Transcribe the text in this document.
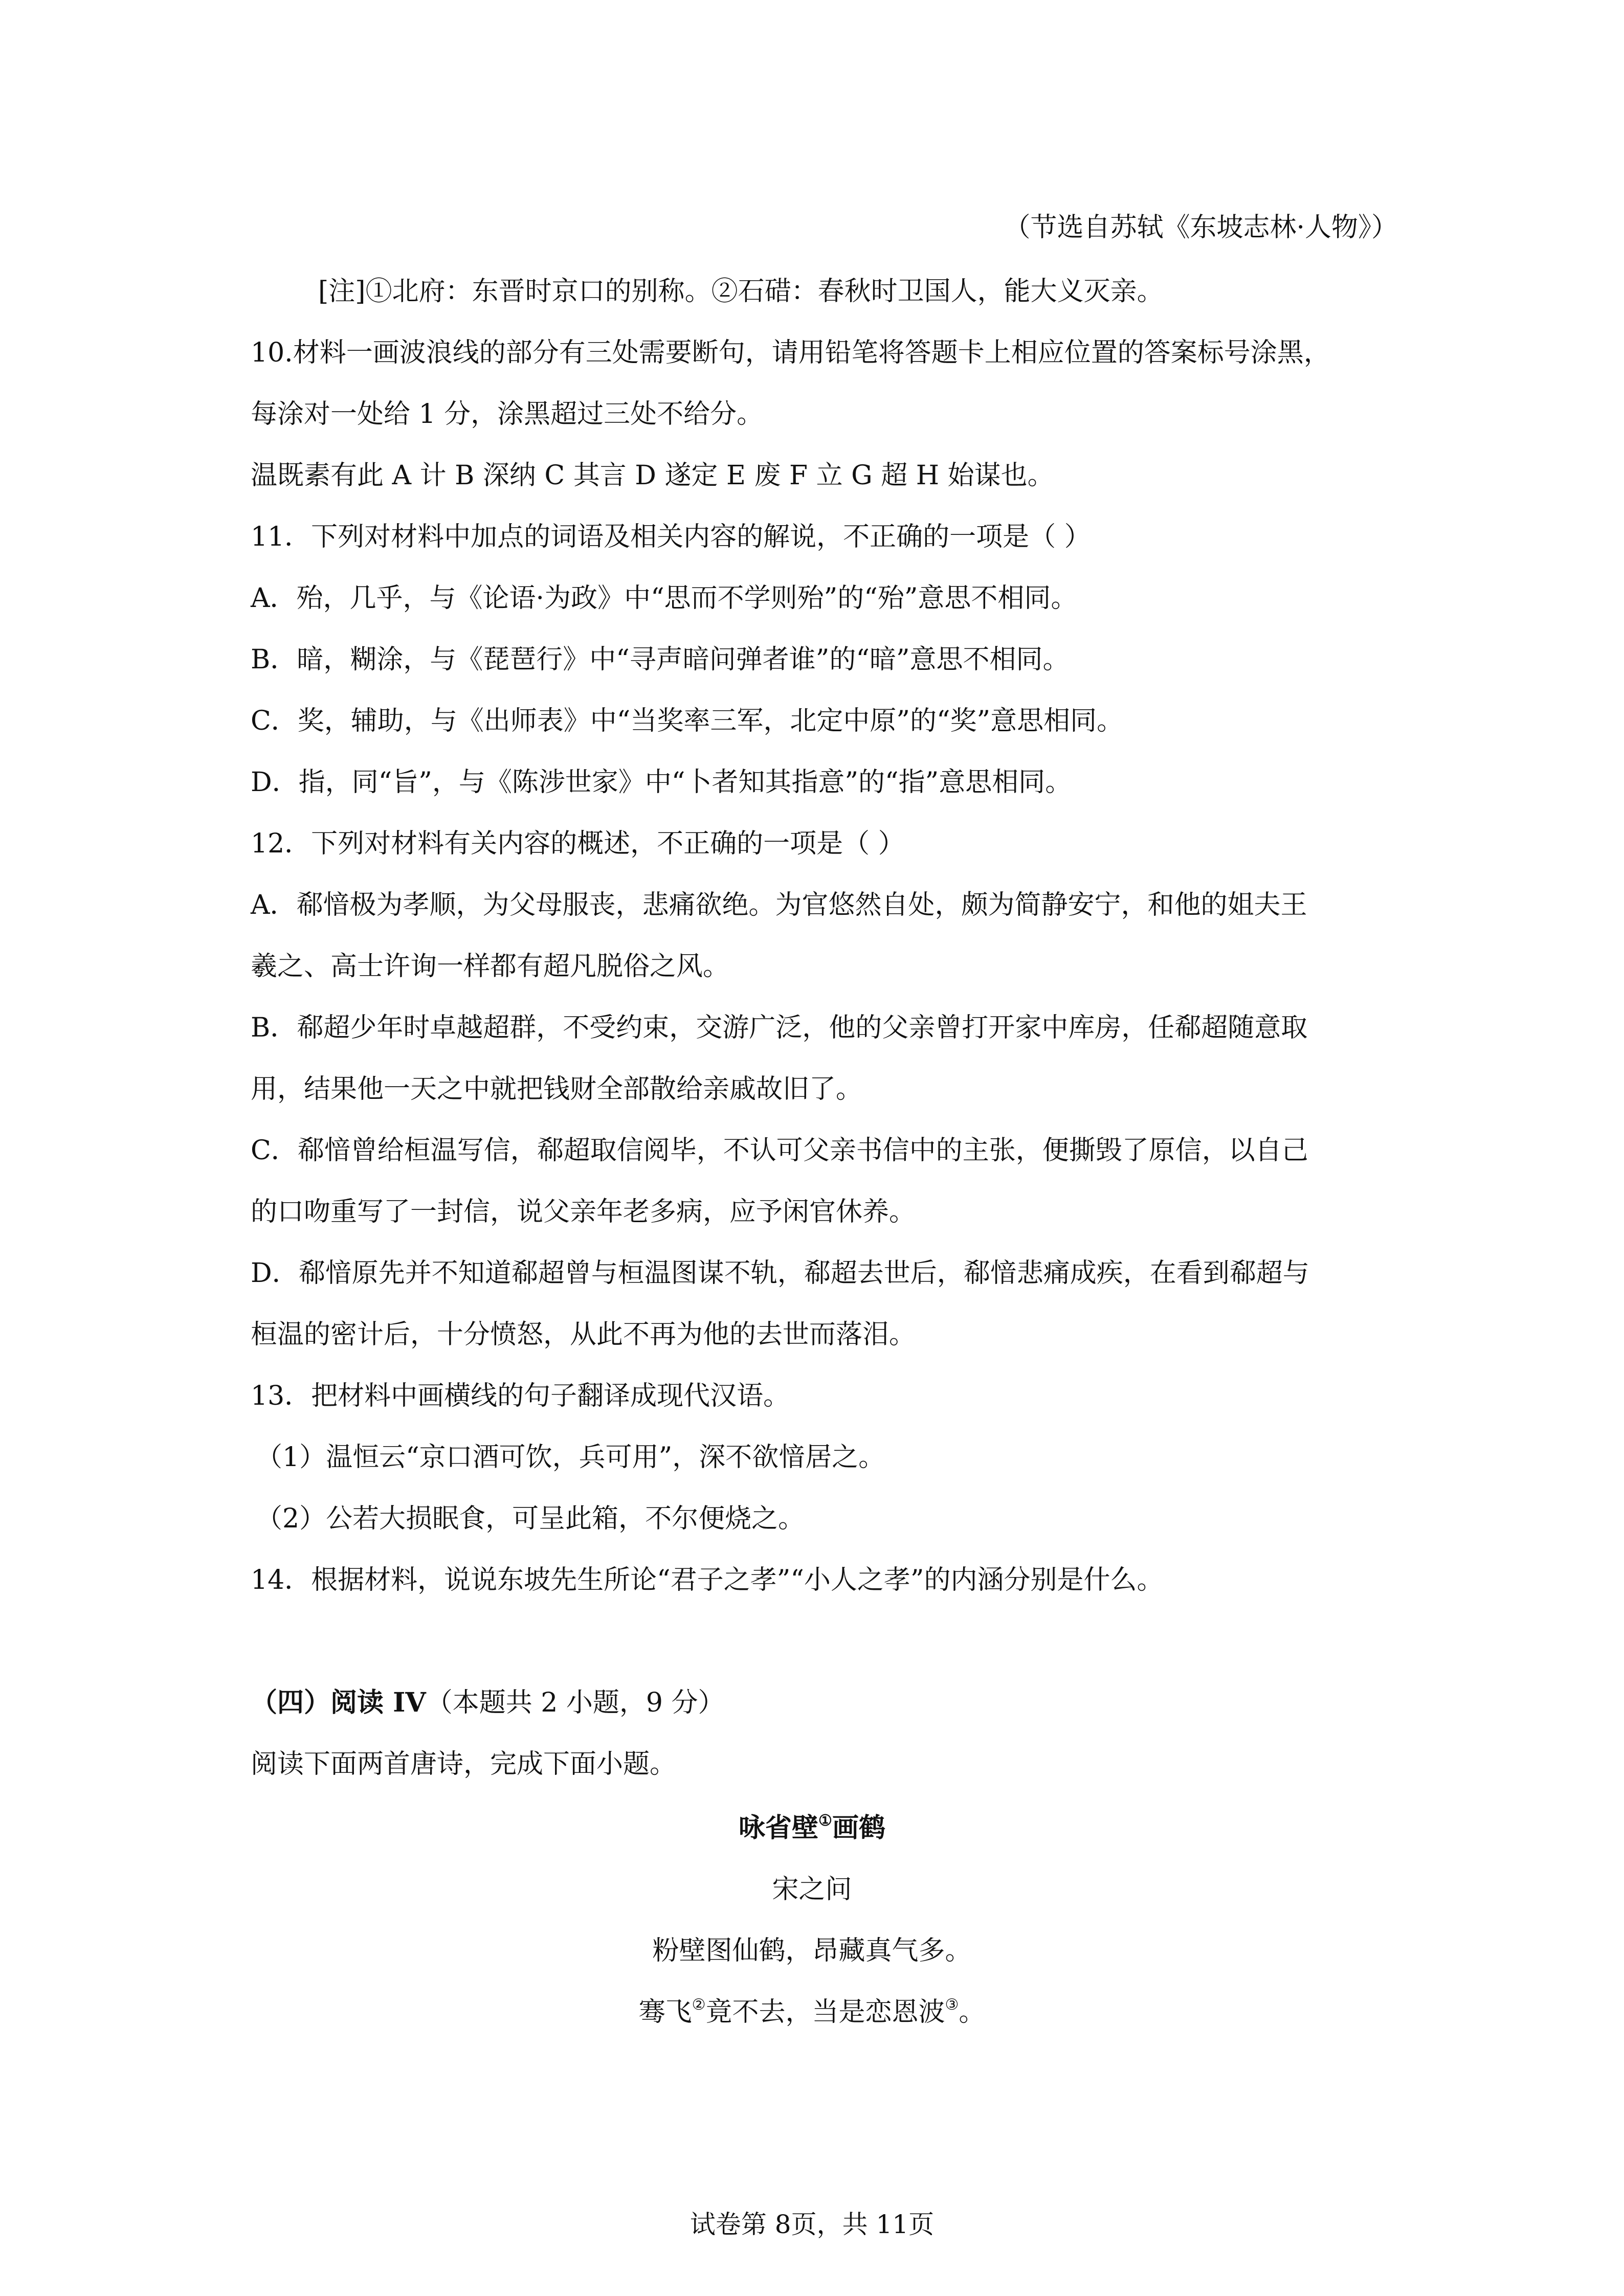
（节选自苏轼《东坡志林·人物》）
[注]①北府：东晋时京口的别称。②石碏：春秋时卫国人，能大义灭亲。
10.材料一画波浪线的部分有三处需要断句，请用铅笔将答题卡上相应位置的答案标号涂黑，
每涂对一处给 1 分，涂黑超过三处不给分。
温既素有此 A 计 B 深纳 C 其言 D 遂定 E 废 F 立 G 超 H 始谋也。
11．下列对材料中加点的词语及相关内容的解说，不正确的一项是（ ）
A．殆，几乎，与《论语·为政》中“思而不学则殆”的“殆”意思不相同。
B．暗，糊涂，与《琵琶行》中“寻声暗问弹者谁”的“暗”意思不相同。
C．奖，辅助，与《出师表》中“当奖率三军，北定中原”的“奖”意思相同。
D．指，同“旨”，与《陈涉世家》中“卜者知其指意”的“指”意思相同。
12．下列对材料有关内容的概述，不正确的一项是（ ）
A．郗愔极为孝顺，为父母服丧，悲痛欲绝。为官悠然自处，颇为简静安宁，和他的姐夫王
羲之、高士许询一样都有超凡脱俗之风。
B．郗超少年时卓越超群，不受约束，交游广泛，他的父亲曾打开家中库房，任郗超随意取
用，结果他一天之中就把钱财全部散给亲戚故旧了。
C．郗愔曾给桓温写信，郗超取信阅毕，不认可父亲书信中的主张，便撕毁了原信，以自己
的口吻重写了一封信，说父亲年老多病，应予闲官休养。
D．郗愔原先并不知道郗超曾与桓温图谋不轨，郗超去世后，郗愔悲痛成疾，在看到郗超与
桓温的密计后，十分愤怒，从此不再为他的去世而落泪。
13．把材料中画横线的句子翻译成现代汉语。
（1）温恒云“京口酒可饮，兵可用”，深不欲愔居之。
（2）公若大损眠食，可呈此箱，不尔便烧之。
14．根据材料，说说东坡先生所论“君子之孝”“小人之孝”的内涵分别是什么。
（四）阅读 IV（本题共 2 小题，9 分）
阅读下面两首唐诗，完成下面小题。
咏省壁①画鹤
宋之问
粉壁图仙鹤，昂藏真气多。
骞飞②竟不去，当是恋恩波③。
试卷第 8页，共 11页
